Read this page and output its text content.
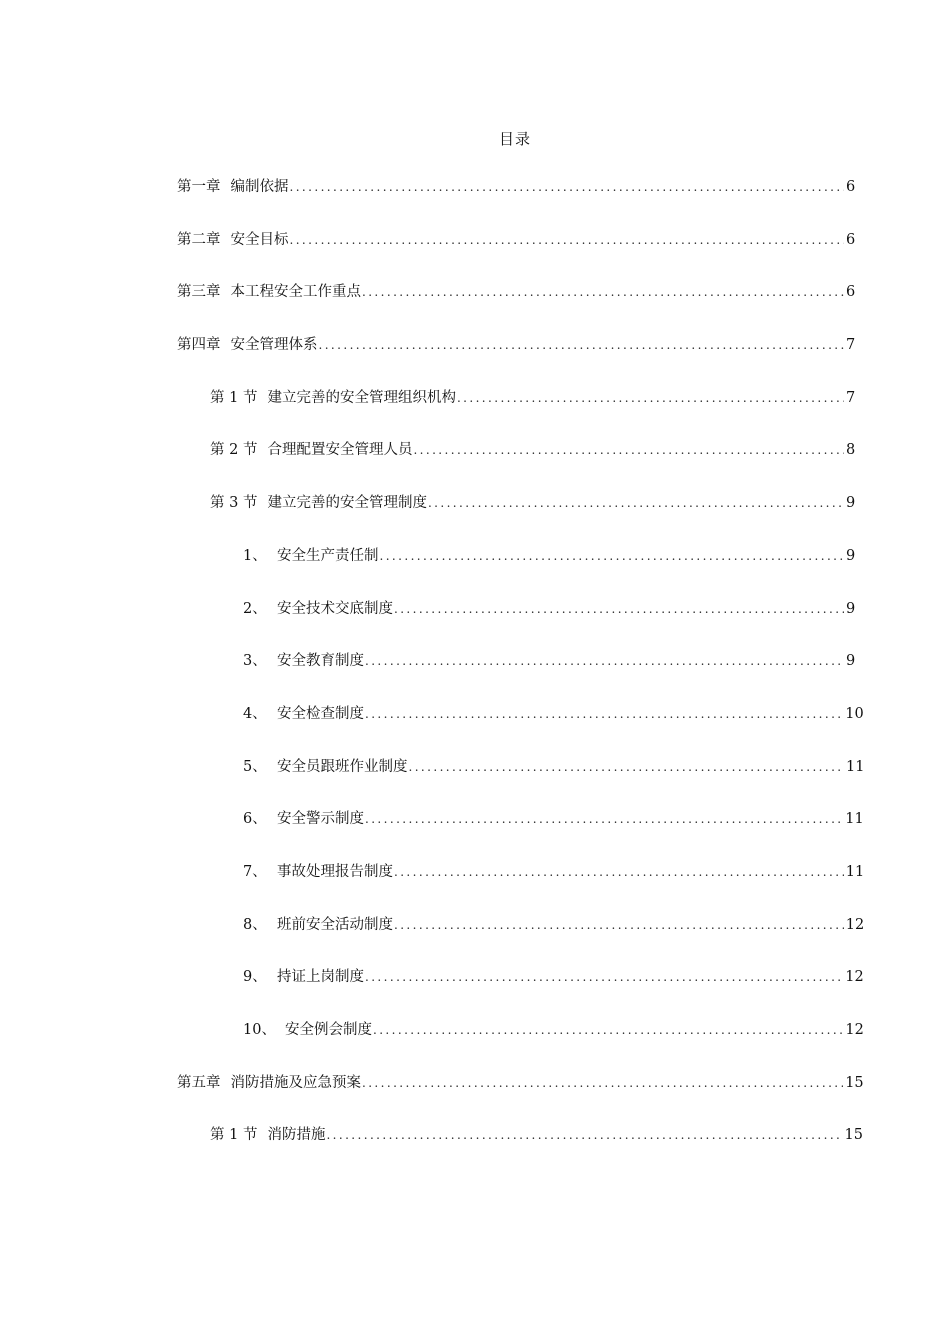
目录
第一章 编制依据 .....	6
第二章 安全目标 .....	6
第三章 本工程安全工作重点 .....	6
第四章 安全管理体系 .....	7
第 1 节 建立完善的安全管理组织机构 .....	7
第 2 节 合理配置安全管理人员 .....	8
第 3 节 建立完善的安全管理制度 .....	9
1、 安全生产责任制 .....	9
2、 安全技术交底制度 .....	9
3、 安全教育制度 .....	9
4、 安全检查制度 .....	10
5、 安全员跟班作业制度 .....	11
6、 安全警示制度 .....	11
7、 事故处理报告制度 .....	11
8、 班前安全活动制度 .....	12
9、 持证上岗制度 .....	12
10、 安全例会制度 .....	12
第五章 消防措施及应急预案 .....	15
第 1 节 消防措施 .....	15
